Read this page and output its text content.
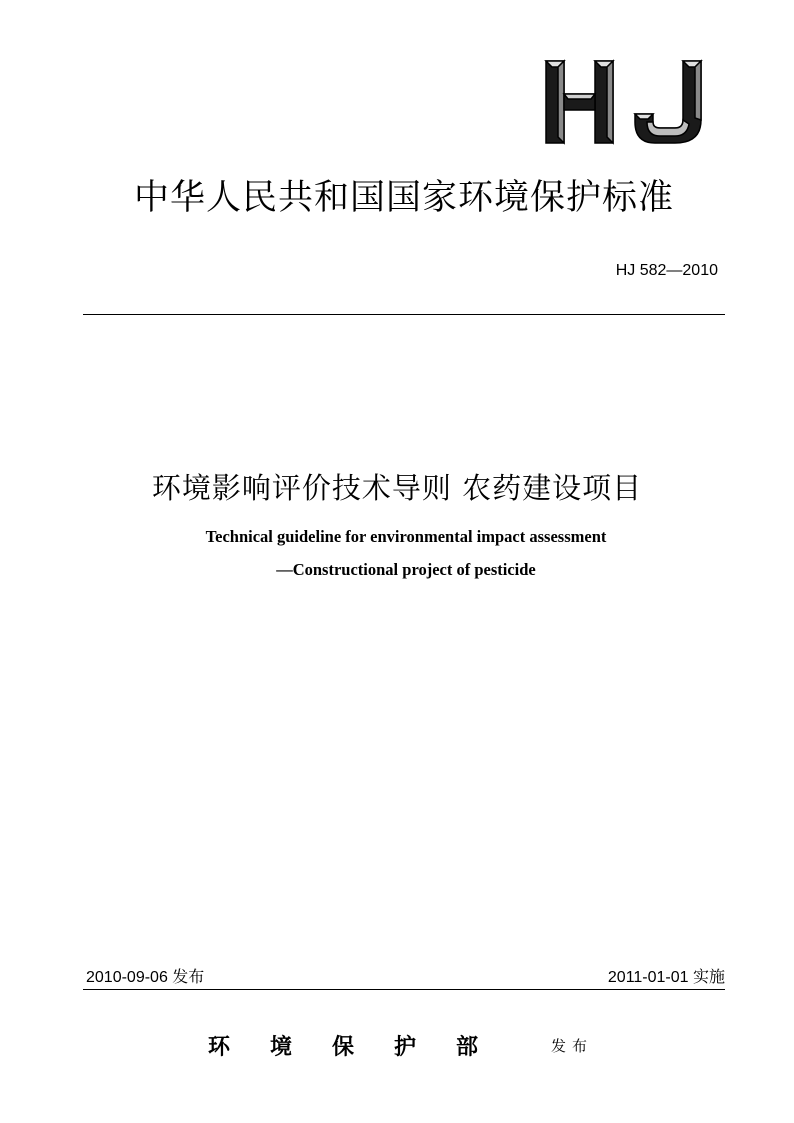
中华人民共和国国家环境保护标准
HJ 582—2010
环境影响评价技术导则 农药建设项目
Technical guideline for environmental impact assessment
—Constructional project of pesticide
2010-09-06 发布	2011-01-01 实施
环境保护部 发布
